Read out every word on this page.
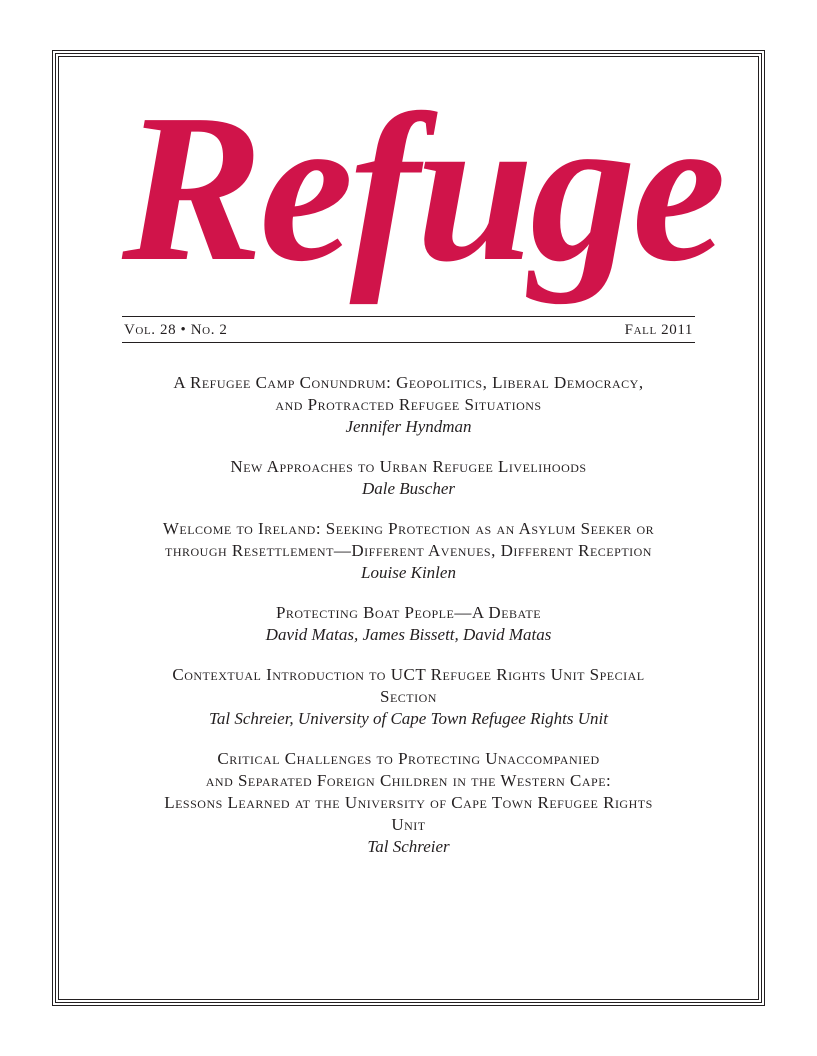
Refuge
Vol. 28 • No. 2	Fall 2011

A Refugee Camp Conundrum: Geopolitics, Liberal Democracy,
and Protracted Refugee Situations

Jennifer Hyndman

New Approaches to Urban Refugee Livelihoods

Dale Buscher

Welcome to Ireland: Seeking Protection as an Asylum Seeker or
through Resettlement—Different Avenues, Different Reception

Louise Kinlen

Protecting Boat People—A Debate

David Matas, James Bissett, David Matas

Contextual Introduction to UCT Refugee Rights Unit Special
Section

Tal Schreier, University of Cape Town Refugee Rights Unit

Critical Challenges to Protecting Unaccompanied
and Separated Foreign Children in the Western Cape:
Lessons Learned at the University of Cape Town Refugee Rights
Unit

Tal Schreier
